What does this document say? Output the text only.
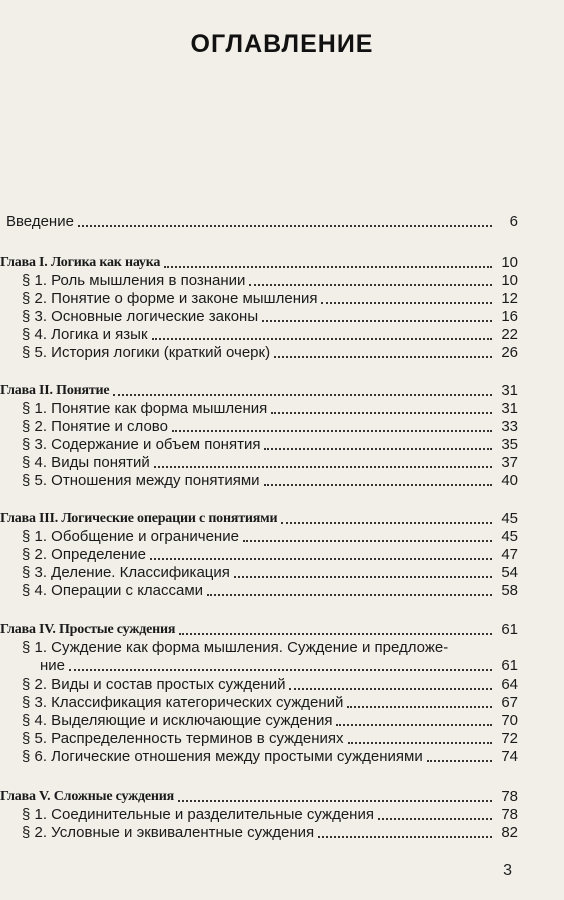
ОГЛАВЛЕНИЕ
Введение	6
Глава I. Логика как наука	10
§ 1. Роль мышления в познании	10
§ 2. Понятие о форме и законе мышления	12
§ 3. Основные логические законы	16
§ 4. Логика и язык	22
§ 5. История логики (краткий очерк)	26
Глава II. Понятие	31
§ 1. Понятие как форма мышления	31
§ 2. Понятие и слово	33
§ 3. Содержание и объем понятия	35
§ 4. Виды понятий	37
§ 5. Отношения между понятиями	40
Глава III. Логические операции с понятиями	45
§ 1. Обобщение и ограничение	45
§ 2. Определение	47
§ 3. Деление. Классификация	54
§ 4. Операции с классами	58
Глава IV. Простые суждения	61
§ 1. Суждение как форма мышления. Суждение и предложе-
ние	61
§ 2. Виды и состав простых суждений	64
§ 3. Классификация категорических суждений	67
§ 4. Выделяющие и исключающие суждения	70
§ 5. Распределенность терминов в суждениях	72
§ 6. Логические отношения между простыми суждениями	74
Глава V. Сложные суждения	78
§ 1. Соединительные и разделительные суждения	78
§ 2. Условные и эквивалентные суждения	82
3
